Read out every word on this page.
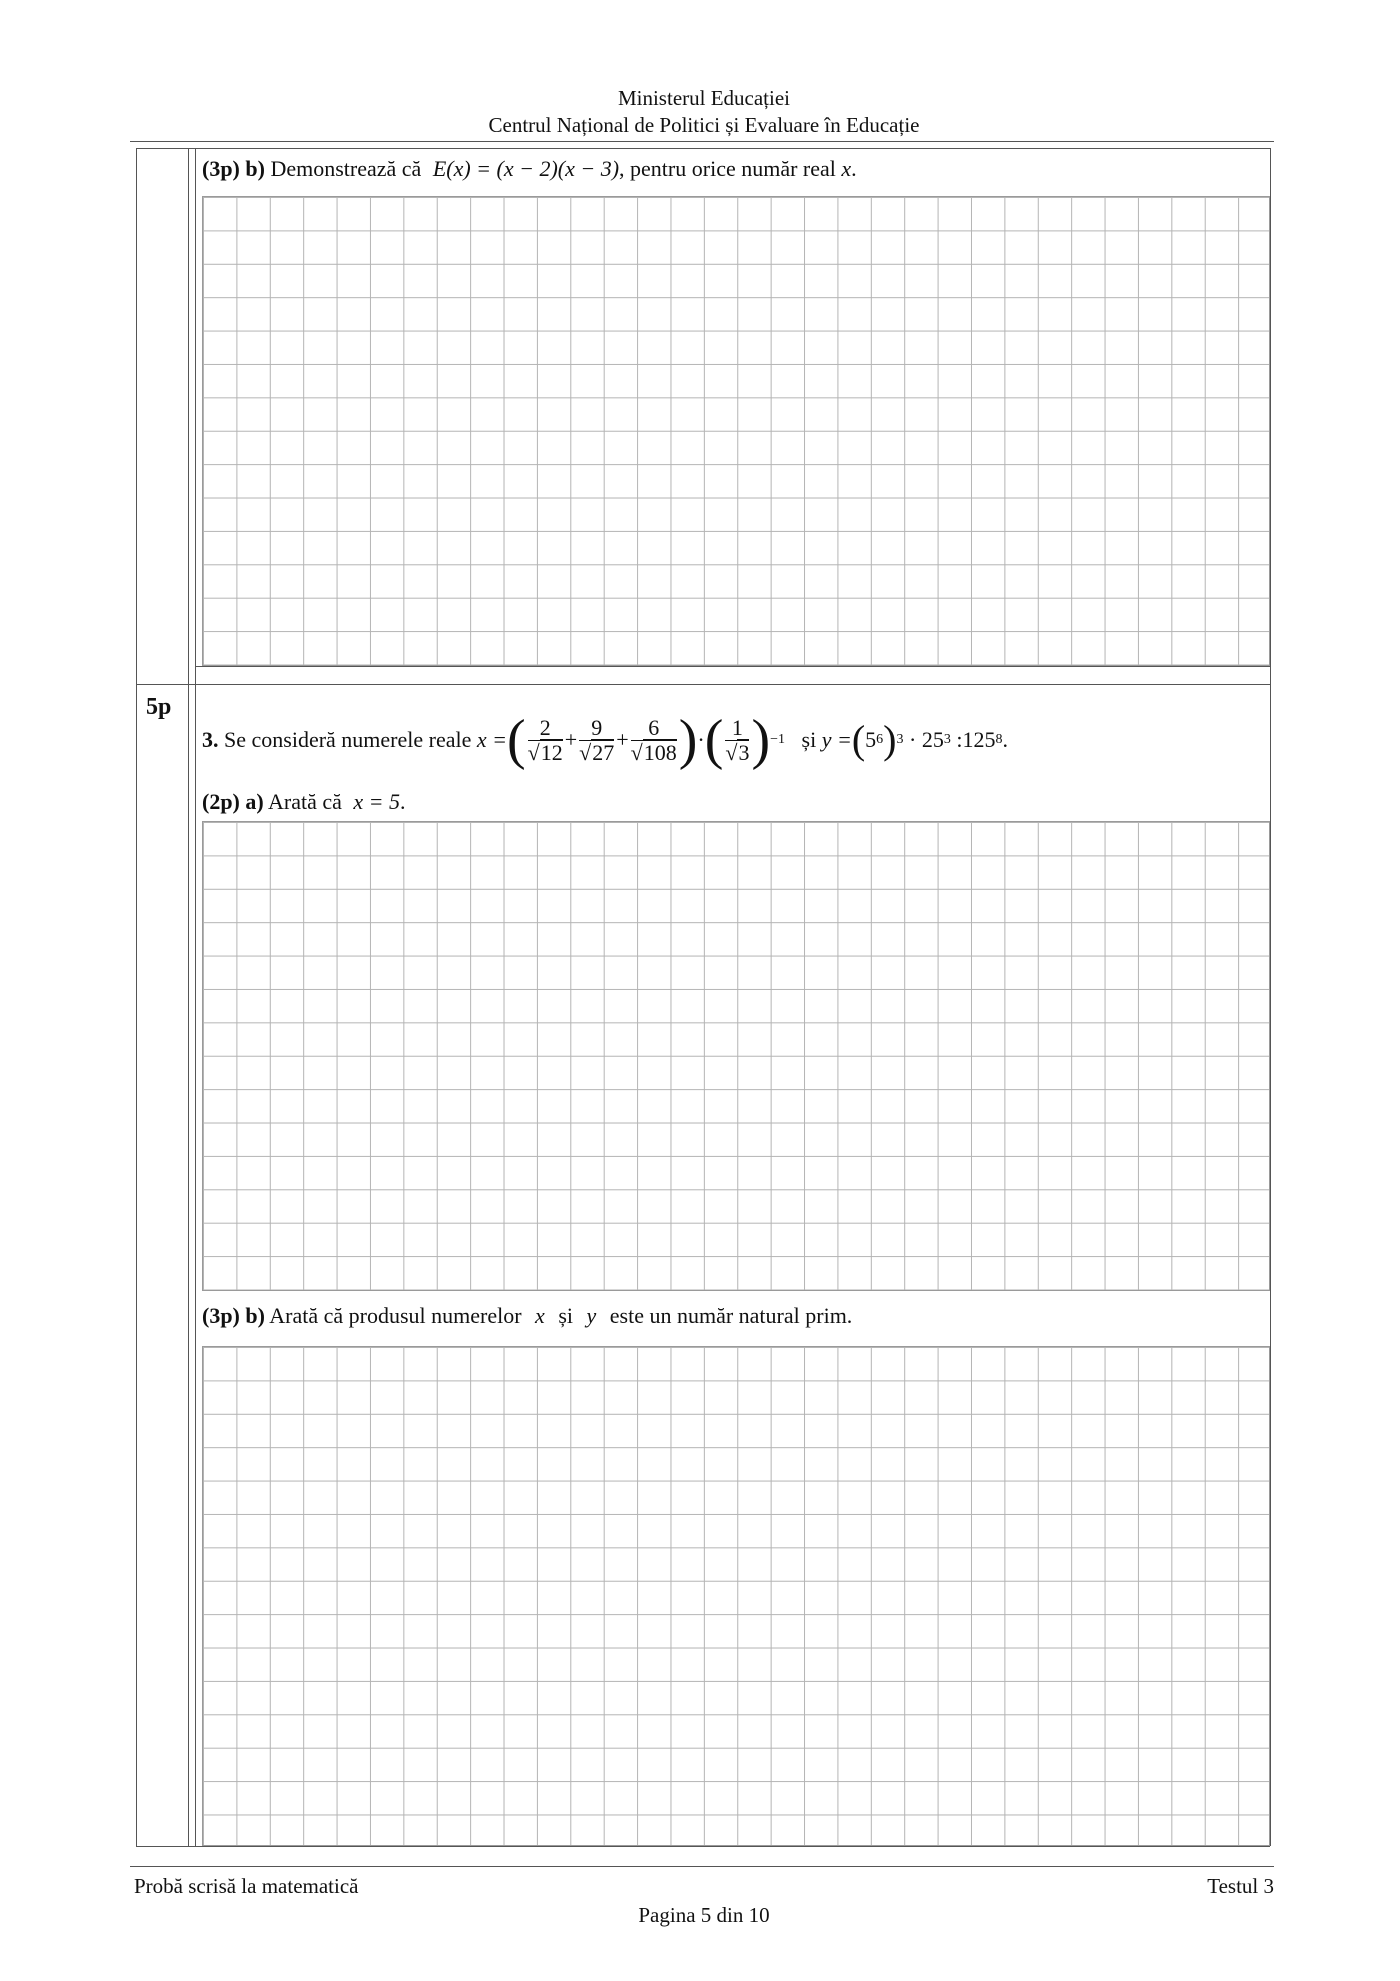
Ministerul Educației
Centrul Național de Politici și Evaluare în Educație
(3p) b) Demonstrează că E(x) = (x − 2)(x − 3), pentru orice număr real x.
5p
3.
Se consideră numerele reale
x = ( $\frac{2}{√12} + \frac{9}{√27} + \frac{6}{√108}$ ) · ( $\frac{1}{√3}$ ) −1
și
y = ( 5 6 ) 3 · 25 3 : 125 8 .
(2p) a) Arată că x = 5.
(3p) b) Arată că produsul numerelor x și y este un număr natural prim.
Probă scrisă la matematică	Testul 3
Pagina 5 din 10
